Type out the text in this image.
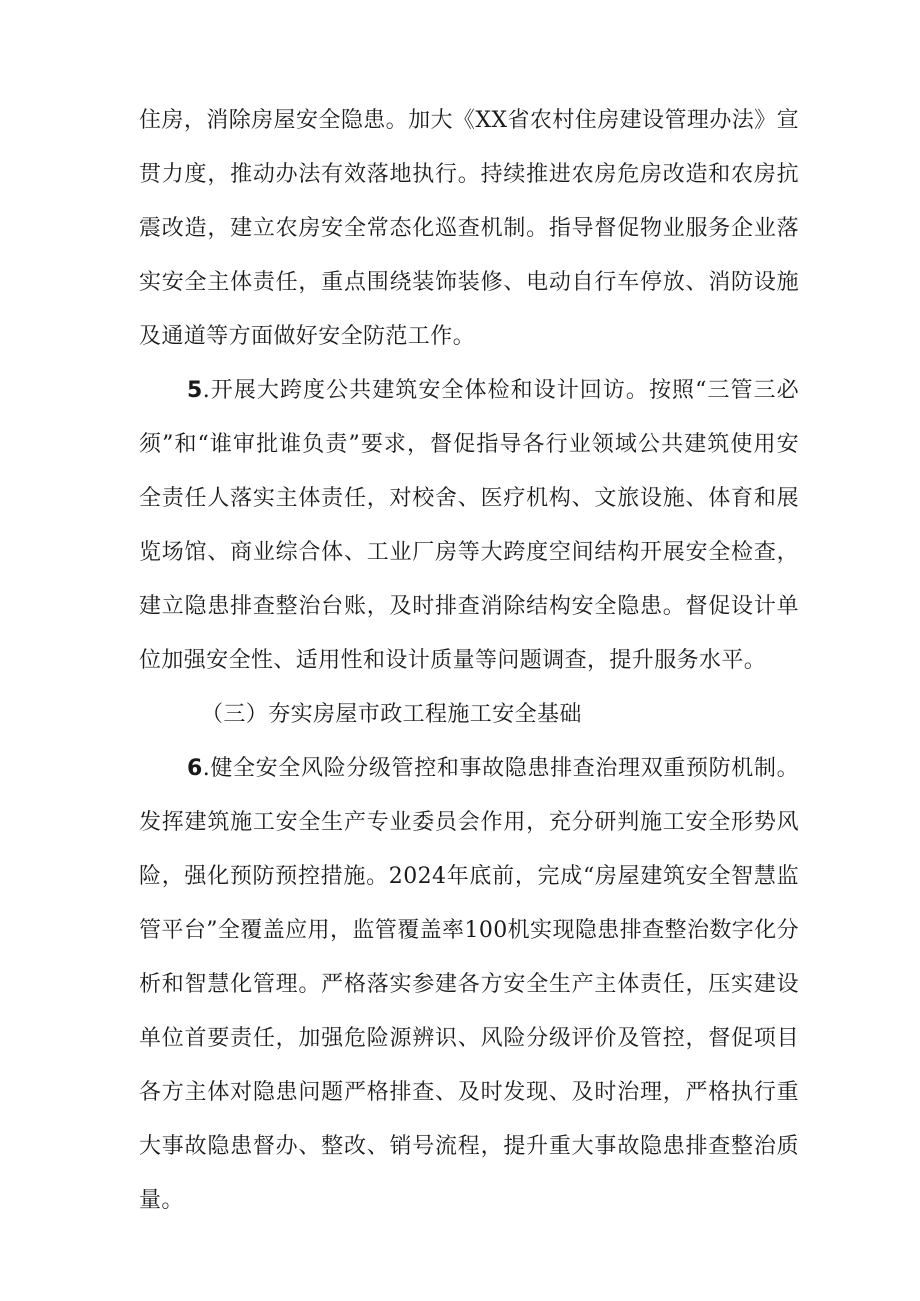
住房，消除房屋安全隐患。加大《XX省农村住房建设管理办法》宣贯力度，推动办法有效落地执行。持续推进农房危房改造和农房抗震改造，建立农房安全常态化巡查机制。指导督促物业服务企业落实安全主体责任，重点围绕装饰装修、电动自行车停放、消防设施及通道等方面做好安全防范工作。

5.开展大跨度公共建筑安全体检和设计回访。按照“三管三必须”和“谁审批谁负责”要求，督促指导各行业领域公共建筑使用安全责任人落实主体责任，对校舍、医疗机构、文旅设施、体育和展览场馆、商业综合体、工业厂房等大跨度空间结构开展安全检查，建立隐患排查整治台账，及时排查消除结构安全隐患。督促设计单位加强安全性、适用性和设计质量等问题调查，提升服务水平。

（三）夯实房屋市政工程施工安全基础

6.健全安全风险分级管控和事故隐患排查治理双重预防机制。发挥建筑施工安全生产专业委员会作用，充分研判施工安全形势风险，强化预防预控措施。2024年底前，完成“房屋建筑安全智慧监管平台”全覆盖应用，监管覆盖率100机实现隐患排查整治数字化分析和智慧化管理。严格落实参建各方安全生产主体责任，压实建设单位首要责任，加强危险源辨识、风险分级评价及管控，督促项目各方主体对隐患问题严格排查、及时发现、及时治理，严格执行重大事故隐患督办、整改、销号流程，提升重大事故隐患排查整治质量。
